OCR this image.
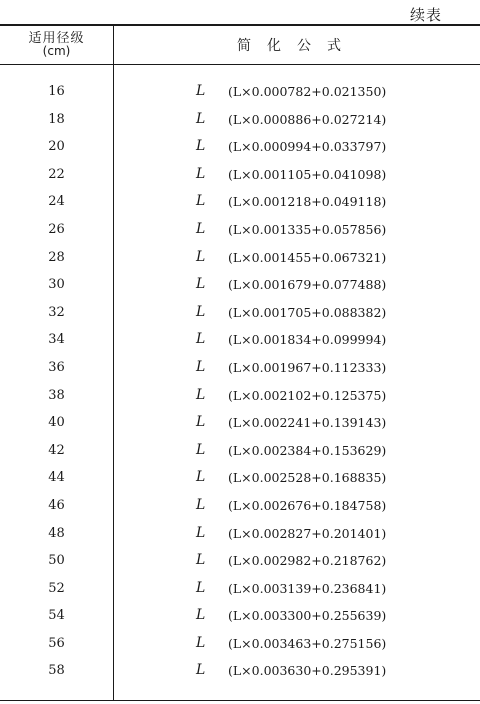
续表
适用径级
(cm)	简化公式
16	L (L×0.000782+0.021350)
18	L (L×0.000886+0.027214)
20	L (L×0.000994+0.033797)
22	L (L×0.001105+0.041098)
24	L (L×0.001218+0.049118)
26	L (L×0.001335+0.057856)
28	L (L×0.001455+0.067321)
30	L (L×0.001679+0.077488)
32	L (L×0.001705+0.088382)
34	L (L×0.001834+0.099994)
36	L (L×0.001967+0.112333)
38	L (L×0.002102+0.125375)
40	L (L×0.002241+0.139143)
42	L (L×0.002384+0.153629)
44	L (L×0.002528+0.168835)
46	L (L×0.002676+0.184758)
48	L (L×0.002827+0.201401)
50	L (L×0.002982+0.218762)
52	L (L×0.003139+0.236841)
54	L (L×0.003300+0.255639)
56	L (L×0.003463+0.275156)
58	L (L×0.003630+0.295391)
